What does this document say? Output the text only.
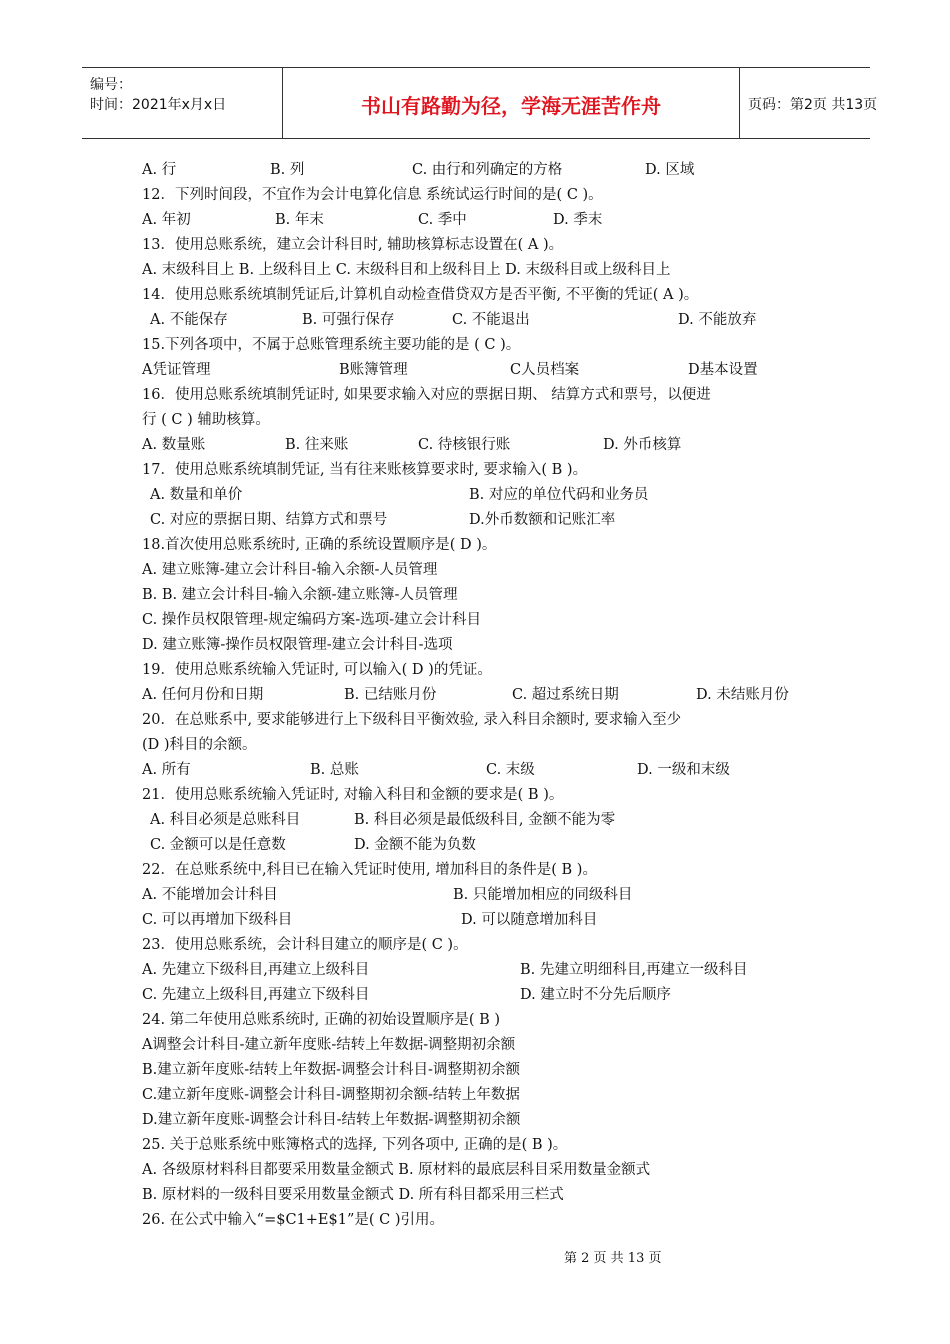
编号：
时间：2021年x月x日	书山有路勤为径，学海无涯苦作舟	页码：第2页 共13页
A. 行	B. 列	C. 由行和列确定的方格	D. 区域
12．下列时间段，不宜作为会计电算化信息 系统试运行时间的是( C )。
A. 年初	B. 年末	C. 季中	D. 季末
13．使用总账系统，建立会计科目时, 辅助核算标志设置在( A )。
A. 末级科目上 B. 上级科目上 C. 末级科目和上级科目上 D. 末级科目或上级科目上
14．使用总账系统填制凭证后,计算机自动检查借贷双方是否平衡, 不平衡的凭证( A )。
A. 不能保存	B. 可强行保存	C. 不能退出	D. 不能放弃
15.下列各项中，不属于总账管理系统主要功能的是 ( C )。
A凭证管理	B账簿管理	C人员档案	D基本设置
16．使用总账系统填制凭证时, 如果要求输入对应的票据日期、 结算方式和票号，以便进
行 ( C ) 辅助核算。
A. 数量账	B. 往来账	C. 待核银行账	D. 外币核算
17．使用总账系统填制凭证, 当有往来账核算要求时, 要求输入( B )。
A. 数量和单价	B. 对应的单位代码和业务员
C. 对应的票据日期、结算方式和票号	D.外币数额和记账汇率
18.首次使用总账系统时, 正确的系统设置顺序是( D )。
A. 建立账簿-建立会计科目-输入余额-人员管理
B. B. 建立会计科目-输入余额-建立账簿-人员管理
C. 操作员权限管理-规定编码方案-选项-建立会计科目
D. 建立账簿-操作员权限管理-建立会计科目-选项
19．使用总账系统输入凭证时, 可以输入( D )的凭证。
A. 任何月份和日期	B. 已结账月份	C. 超过系统日期	D. 未结账月份
20．在总账系中, 要求能够进行上下级科目平衡效验, 录入科目余额时, 要求输入至少
(D )科目的余额。
A. 所有	B. 总账	C. 末级	D. 一级和末级
21．使用总账系统输入凭证时, 对输入科目和金额的要求是( B )。
A. 科目必须是总账科目	B. 科目必须是最低级科目, 金额不能为零
C. 金额可以是任意数	D. 金额不能为负数
22．在总账系统中,科目已在输入凭证时使用, 增加科目的条件是( B )。
A. 不能增加会计科目	B. 只能增加相应的同级科目
C. 可以再增加下级科目	D. 可以随意增加科目
23．使用总账系统，会计科目建立的顺序是( C )。
A. 先建立下级科目,再建立上级科目	B. 先建立明细科目,再建立一级科目
C. 先建立上级科目,再建立下级科目	D. 建立时不分先后顺序
24. 第二年使用总账系统时, 正确的初始设置顺序是( B )
A调整会计科目-建立新年度账-结转上年数据-调整期初余额
B.建立新年度账-结转上年数据-调整会计科目-调整期初余额
C.建立新年度账-调整会计科目-调整期初余额-结转上年数据
D.建立新年度账-调整会计科目-结转上年数据-调整期初余额
25. 关于总账系统中账簿格式的选择, 下列各项中, 正确的是( B )。
A. 各级原材料科目都要采用数量金额式 B. 原材料的最底层科目采用数量金额式
B. 原材料的一级科目要采用数量金额式 D. 所有科目都采用三栏式
26. 在公式中输入“=$C1+E$1”是( C )引用。
第 2 页 共 13 页
